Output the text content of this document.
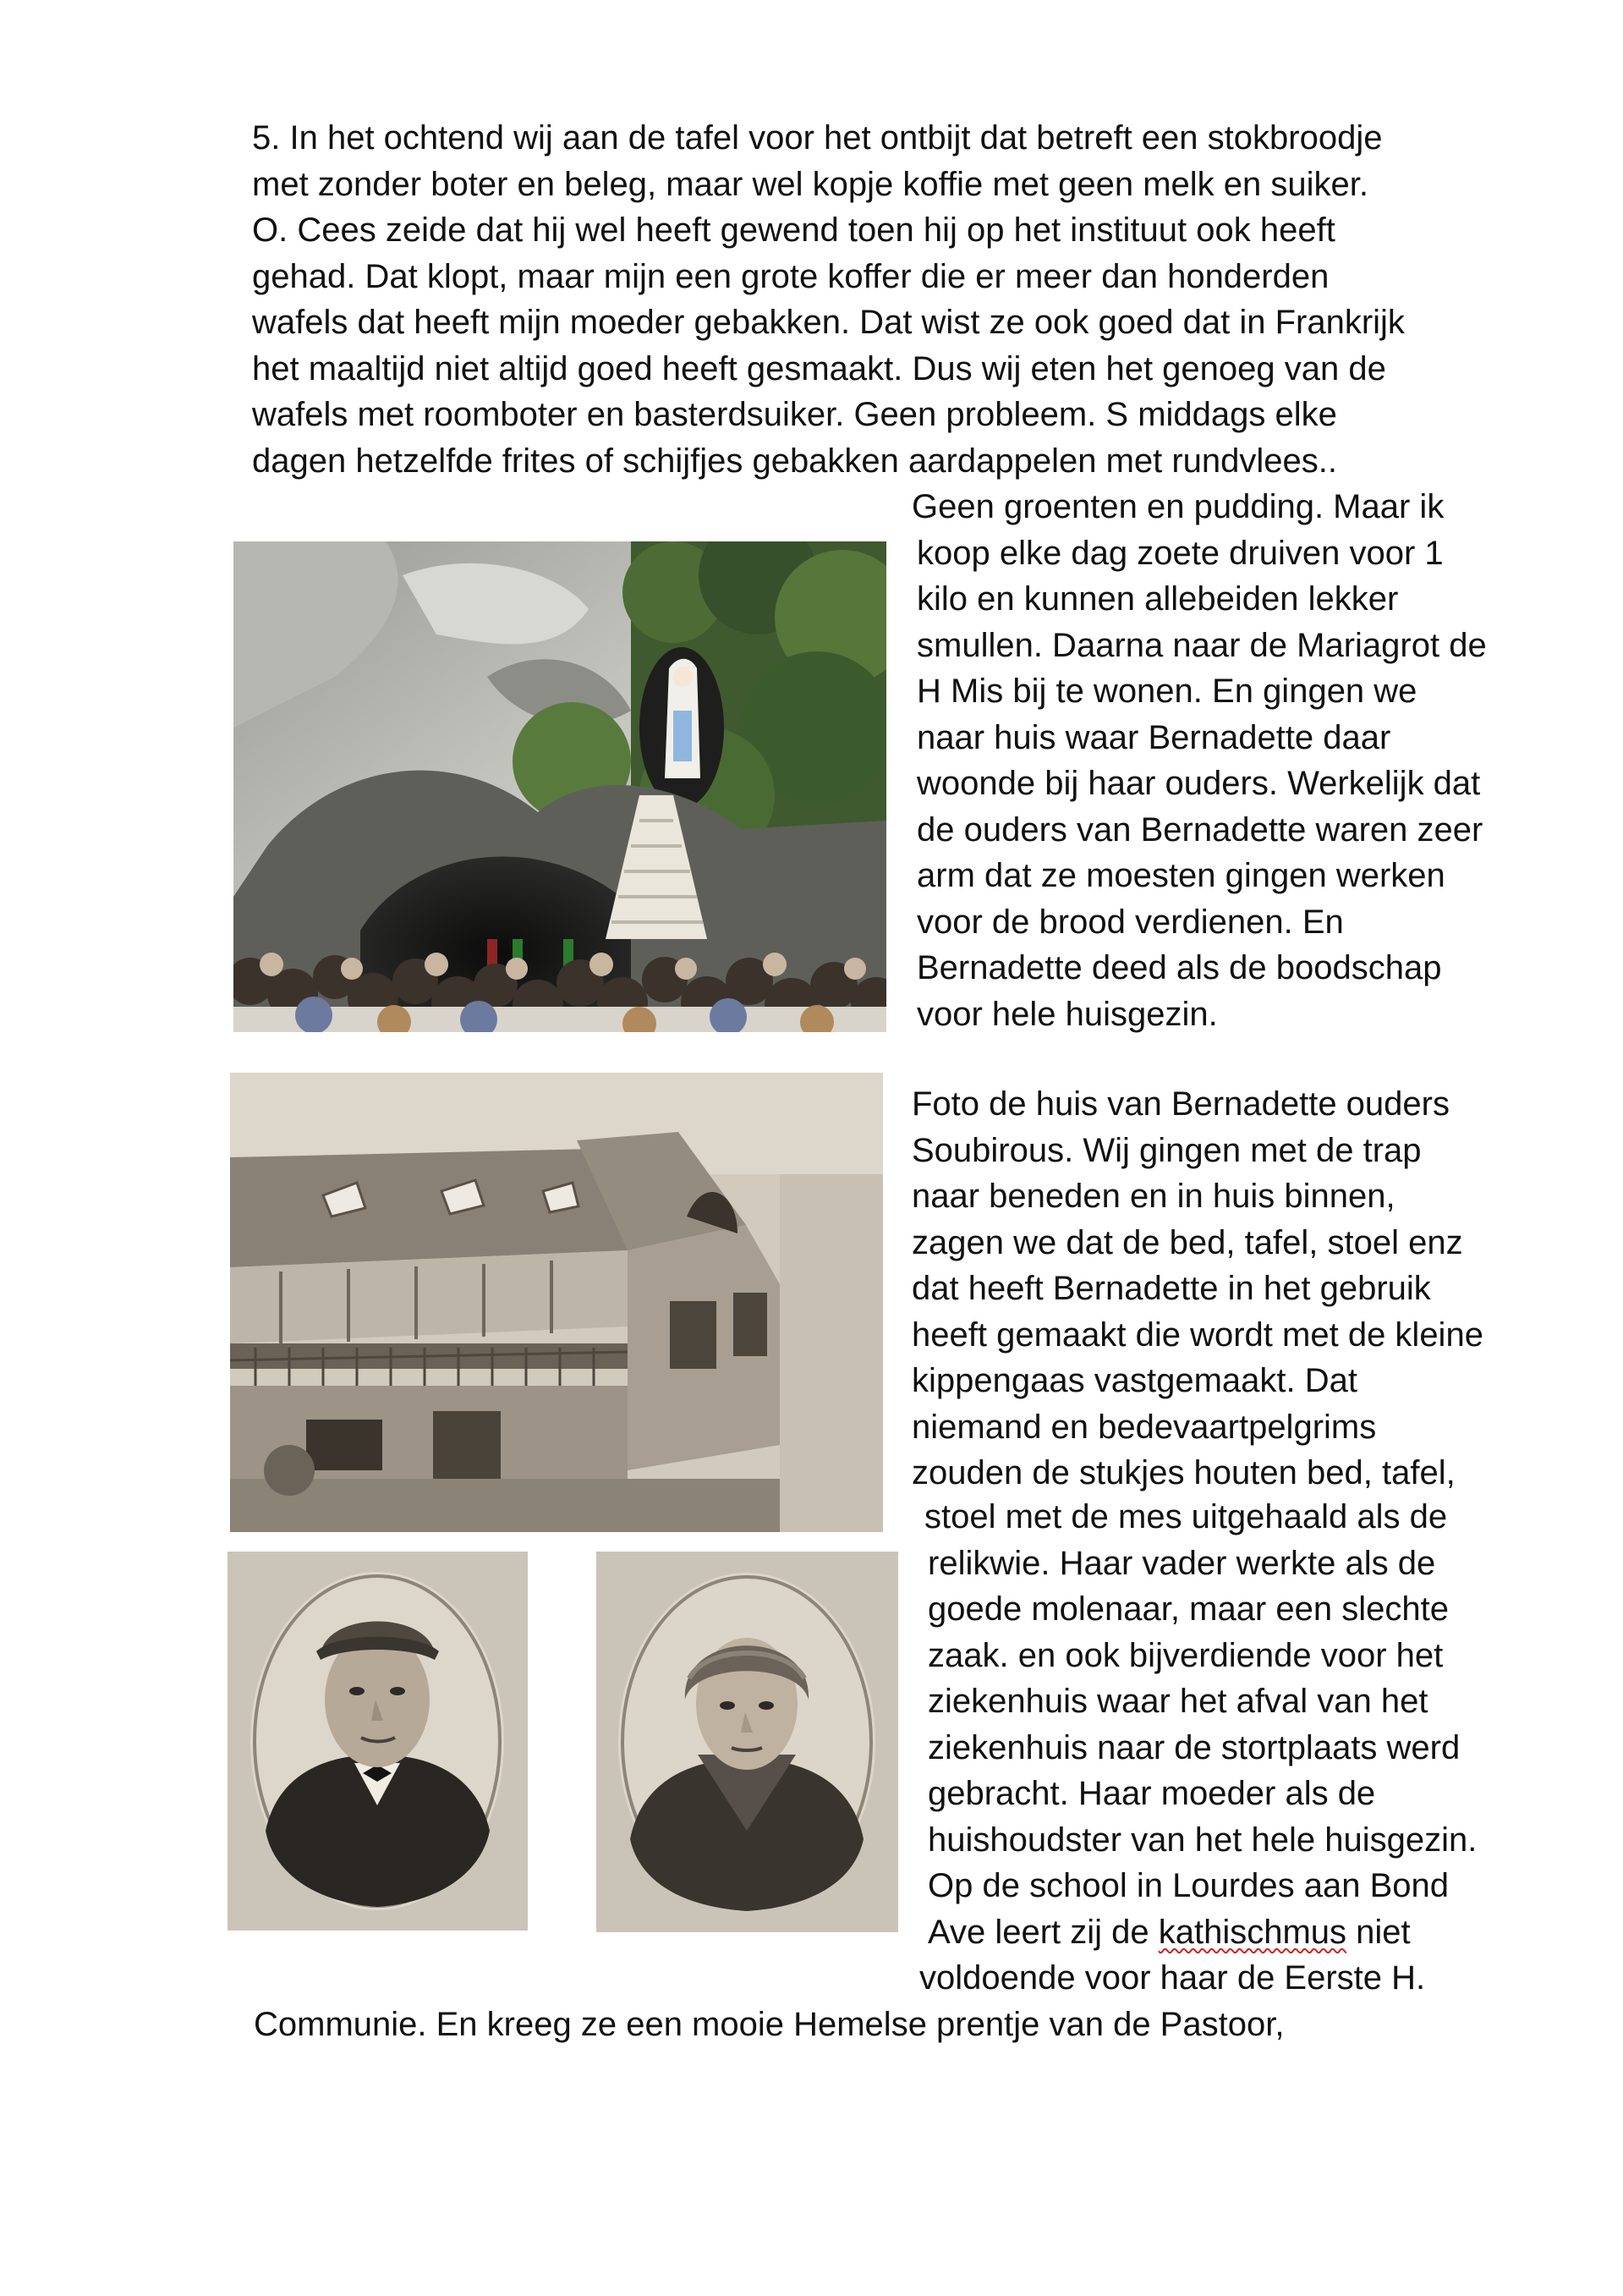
5. In het ochtend wij aan de tafel voor het ontbijt dat betreft een stokbroodje
met zonder boter en beleg, maar wel kopje koffie met geen melk en suiker.
O. Cees zeide dat hij wel heeft gewend toen hij op het instituut ook heeft
gehad. Dat klopt, maar mijn een grote koffer die er meer dan honderden
wafels dat heeft mijn moeder gebakken. Dat wist ze ook goed dat in Frankrijk
het maaltijd niet altijd goed heeft gesmaakt. Dus wij eten het genoeg van de
wafels met roomboter en basterdsuiker. Geen probleem. S middags elke
dagen hetzelfde frites of schijfjes gebakken aardappelen met rundvlees..
Geen groenten en pudding. Maar ik
koop elke dag zoete druiven voor 1
kilo en kunnen allebeiden lekker
smullen. Daarna naar de Mariagrot de
H Mis bij te wonen. En gingen we
naar huis waar Bernadette daar
woonde bij haar ouders. Werkelijk dat
de ouders van Bernadette waren zeer
arm dat ze moesten gingen werken
voor de brood verdienen. En
Bernadette deed als de boodschap
voor hele huisgezin.
Foto de huis van Bernadette ouders
Soubirous. Wij gingen met de trap
naar beneden en in huis binnen,
zagen we dat de bed, tafel, stoel enz
dat heeft Bernadette in het gebruik
heeft gemaakt die wordt met de kleine
kippengaas vastgemaakt. Dat
niemand en bedevaartpelgrims
zouden de stukjes houten bed, tafel,
stoel met de mes uitgehaald als de
relikwie. Haar vader werkte als de
goede molenaar, maar een slechte
zaak. en ook bijverdiende voor het
ziekenhuis waar het afval van het
ziekenhuis naar de stortplaats werd
gebracht. Haar moeder als de
huishoudster van het hele huisgezin.
Op de school in Lourdes aan Bond
Ave leert zij de kathischmus niet
voldoende voor haar de Eerste H.
Communie. En kreeg ze een mooie Hemelse prentje van de Pastoor,
